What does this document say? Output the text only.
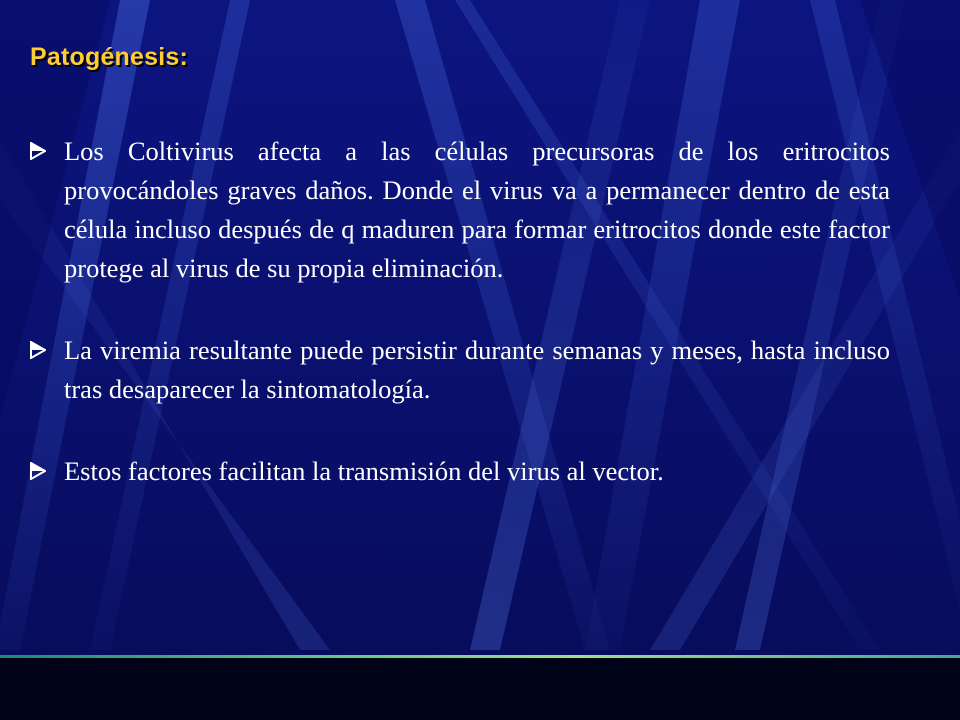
Patogénesis:
Los Coltivirus afecta a las células precursoras de los eritrocitos provocándoles graves daños. Donde el virus va a permanecer dentro de esta célula incluso después de q maduren para formar eritrocitos donde este factor protege al virus de su propia eliminación.
La viremia resultante puede persistir durante semanas y meses, hasta incluso tras desaparecer la sintomatología.
Estos factores facilitan la transmisión del virus al vector.
